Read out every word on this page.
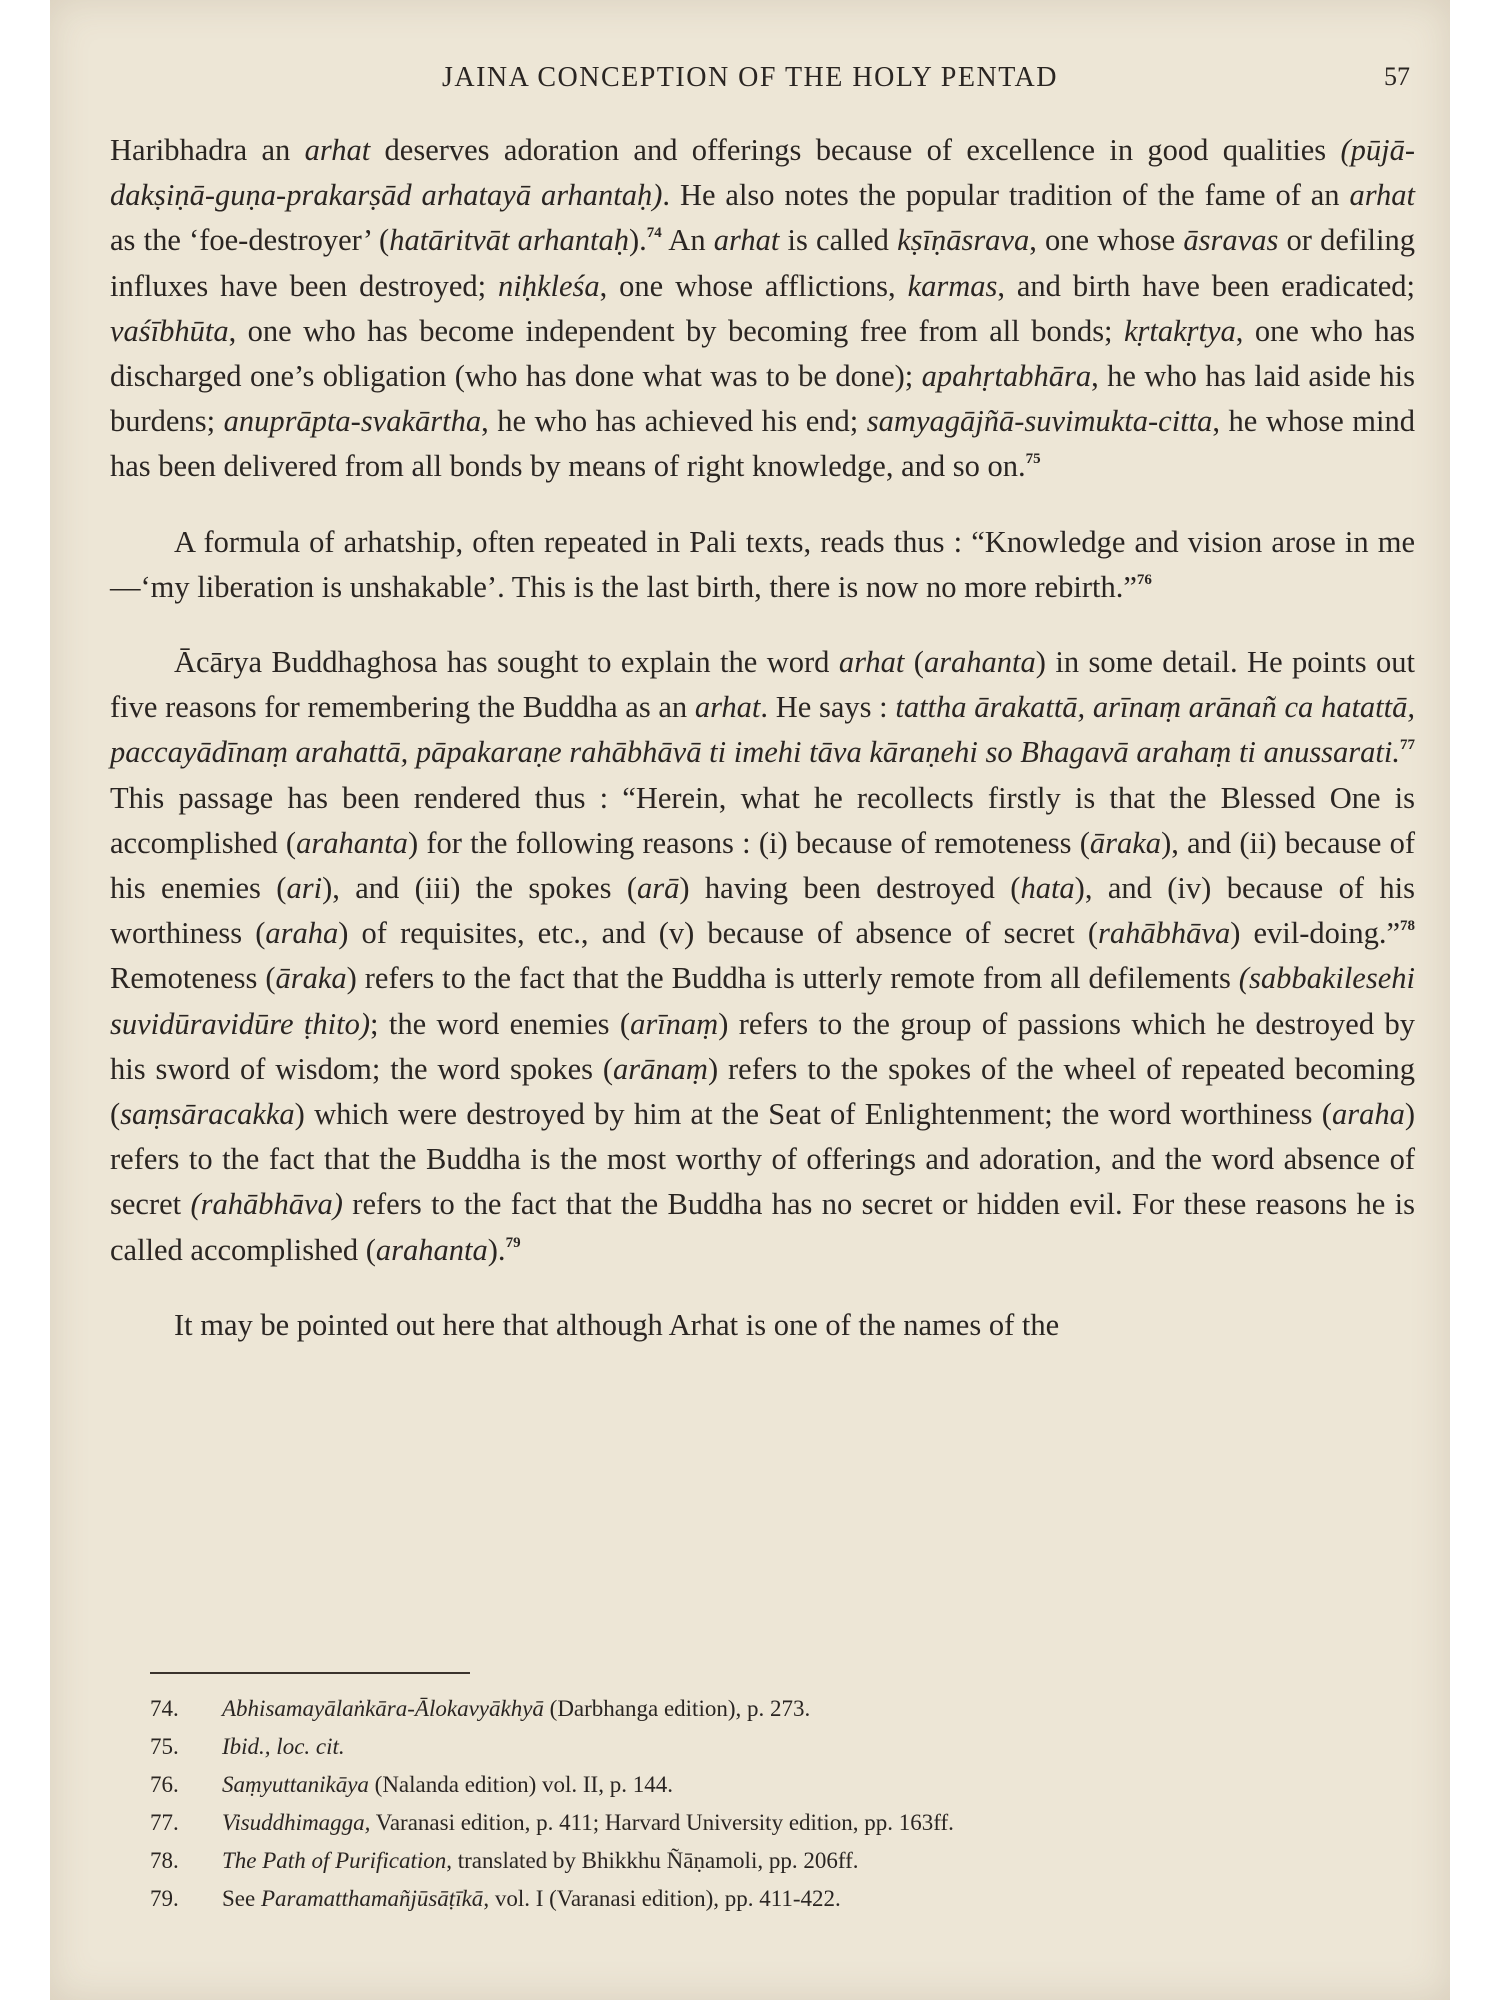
JAINA CONCEPTION OF THE HOLY PENTAD	57

Haribhadra an arhat deserves adoration and offerings because of excellence in good qualities (pūjā-dakṣiṇā-guṇa-prakarṣād arhatayā arhantaḥ). He also notes the popular tradition of the fame of an arhat as the ‘foe-destroyer’ (hatāritvāt arhantaḥ).$^{74}$ An arhat is called kṣīṇāsrava, one whose āsravas or defiling influxes have been destroyed; niḥkleśa, one whose afflictions, karmas, and birth have been eradicated; vaśībhūta, one who has become independent by becoming free from all bonds; kṛtakṛtya, one who has discharged one’s obligation (who has done what was to be done); apahṛtabhāra, he who has laid aside his burdens; anuprāpta-svakārtha, he who has achieved his end; samyagājñā-suvimukta-citta, he whose mind has been delivered from all bonds by means of right knowledge, and so on.$^{75}$

A formula of arhatship, often repeated in Pali texts, reads thus : “Knowledge and vision arose in me—‘my liberation is unshakable’. This is the last birth, there is now no more rebirth.”$^{76}$

Ācārya Buddhaghosa has sought to explain the word arhat (arahanta) in some detail. He points out five reasons for remembering the Buddha as an arhat. He says : tattha ārakattā, arīnaṃ arānañ ca hatattā, paccayādīnaṃ arahattā, pāpakaraṇe rahābhāvā ti imehi tāva kāraṇehi so Bhagavā arahaṃ ti anussarati.$^{77}$ This passage has been rendered thus : “Herein, what he recollects firstly is that the Blessed One is accomplished (arahanta) for the following reasons : (i) because of remoteness (āraka), and (ii) because of his enemies (ari), and (iii) the spokes (arā) having been destroyed (hata), and (iv) because of his worthiness (araha) of requisites, etc., and (v) because of absence of secret (rahābhāva) evil-doing.”$^{78}$ Remoteness (āraka) refers to the fact that the Buddha is utterly remote from all defilements (sabbakilesehi suvidūravidūre ṭhito); the word enemies (arīnaṃ) refers to the group of passions which he destroyed by his sword of wisdom; the word spokes (arānaṃ) refers to the spokes of the wheel of repeated becoming (saṃsāracakka) which were destroyed by him at the Seat of Enlightenment; the word worthiness (araha) refers to the fact that the Buddha is the most worthy of offerings and adoration, and the word absence of secret (rahābhāva) refers to the fact that the Buddha has no secret or hidden evil. For these reasons he is called accomplished (arahanta).$^{79}$

It may be pointed out here that although Arhat is one of the names of the

74.	Abhisamayālaṅkāra-Ālokavyākhyā (Darbhanga edition), p. 273.
75.	Ibid., loc. cit.
76.	Saṃyuttanikāya (Nalanda edition) vol. II, p. 144.
77.	Visuddhimagga, Varanasi edition, p. 411; Harvard University edition, pp. 163ff.
78.	The Path of Purification, translated by Bhikkhu Ñāṇamoli, pp. 206ff.
79.	See Paramatthamañjūsāṭīkā, vol. I (Varanasi edition), pp. 411-422.
